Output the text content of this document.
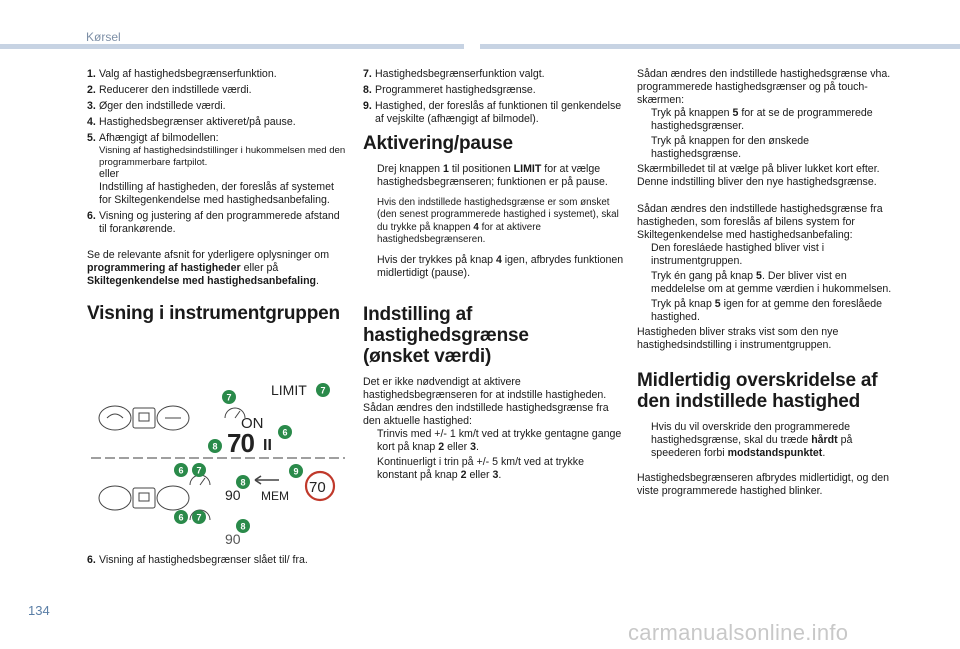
Kørsel
1. Valg af hastighedsbegrænserfunktion.
2. Reducerer den indstillede værdi.
3. Øger den indstillede værdi.
4. Hastighedsbegrænser aktiveret/på pause.
5. Afhængigt af bilmodellen:
Visning af hastighedsindstillinger i hukommelsen med den programmerbare fartpilot.
eller
Indstilling af hastigheden, der foreslås af systemet for Skiltegenkendelse med hastighedsanbefaling.
6. Visning og justering af den programmerede afstand til forankørende.

Se de relevante afsnit for yderligere oplysninger om programmering af hastigheder eller på Skiltegenkendelse med hastighedsanbefaling.

Visning i instrumentgruppen
LIMIT
ON
70 II
90 MEM 70
90
7
7
6
8
6 7
8
9
6 7
8
6. Visning af hastighedsbegrænser slået til/ fra.
7. Hastighedsbegrænserfunktion valgt.
8. Programmeret hastighedsgrænse.
9. Hastighed, der foreslås af funktionen til genkendelse af vejskilte (afhængigt af bilmodel).
Aktivering/pause
Drej knappen 1 til positionen LIMIT for at vælge hastighedsbegrænseren; funktionen er på pause.
Hvis den indstillede hastighedsgrænse er som ønsket (den senest programmerede hastighed i systemet), skal du trykke på knappen 4 for at aktivere hastighedsbegrænseren.
Hvis der trykkes på knap 4 igen, afbrydes funktionen midlertidigt (pause).
Indstilling af hastighedsgrænse
(ønsket værdi)

Det er ikke nødvendigt at aktivere hastighedsbegrænseren for at indstille hastigheden.

Sådan ændres den indstillede hastighedsgrænse fra den aktuelle hastighed:

Trinvis med +/- 1 km/t ved at trykke gentagne gange kort på knap 2 eller 3.
Kontinuerligt i trin på +/- 5 km/t ved at trykke konstant på knap 2 eller 3.

Sådan ændres den indstillede hastighedsgrænse vha. programmerede hastighedsgrænser og på touch-skærmen:

Tryk på knappen 5 for at se de programmerede hastighedsgrænser.
Tryk på knappen for den ønskede hastighedsgrænse.

Skærmbilledet til at vælge på bliver lukket kort efter.

Denne indstilling bliver den nye hastighedsgrænse.

Sådan ændres den indstillede hastighedsgrænse fra hastigheden, som foreslås af bilens system for Skiltegenkendelse med hastighedsanbefaling:

Den foresláede hastighed bliver vist i instrumentgruppen.
Tryk én gang på knap 5. Der bliver vist en meddelelse om at gemme værdien i hukommelsen.
Tryk på knap 5 igen for at gemme den foreslåede hastighed.

Hastigheden bliver straks vist som den nye hastighedsindstilling i instrumentgruppen.

Midlertidig overskridelse af
den indstillede hastighed
Hvis du vil overskride den programmerede hastighedsgrænse, skal du træde hårdt på speederen forbi modstandspunktet.

Hastighedsbegrænseren afbrydes midlertidigt, og den viste programmerede hastighed blinker.

134
carmanualsonline.info
